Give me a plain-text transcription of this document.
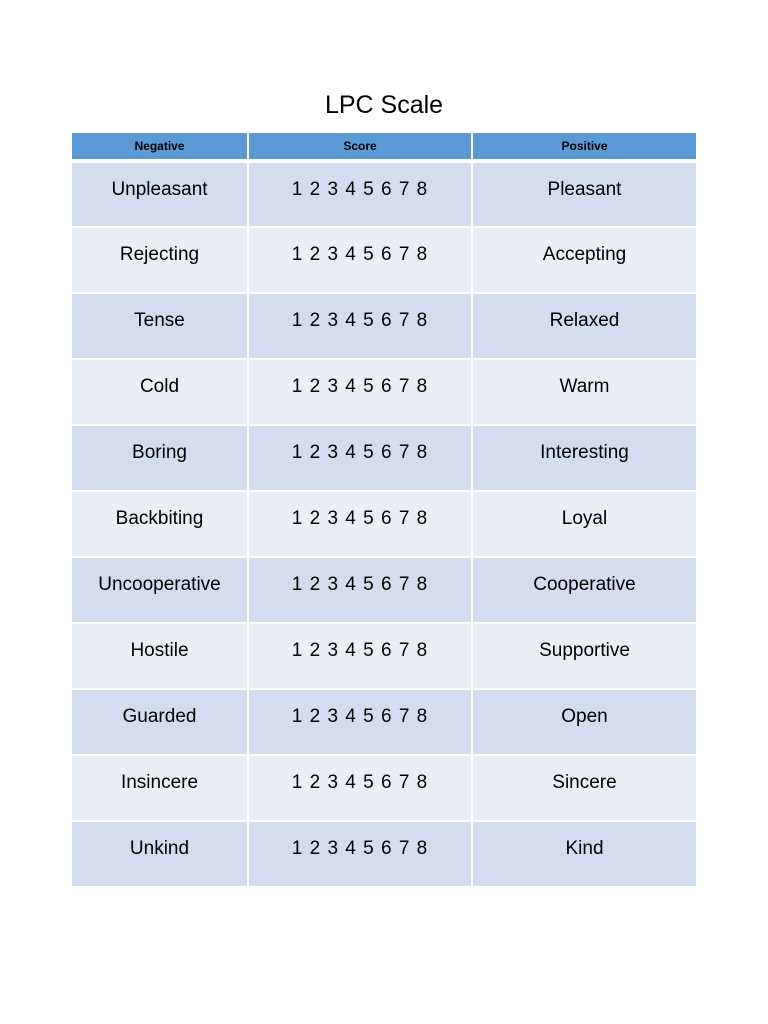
LPC Scale
Negative	Score	Positive
Unpleasant	1 2 3 4 5 6 7 8	Pleasant
Rejecting	1 2 3 4 5 6 7 8	Accepting
Tense	1 2 3 4 5 6 7 8	Relaxed
Cold	1 2 3 4 5 6 7 8	Warm
Boring	1 2 3 4 5 6 7 8	Interesting
Backbiting	1 2 3 4 5 6 7 8	Loyal
Uncooperative	1 2 3 4 5 6 7 8	Cooperative
Hostile	1 2 3 4 5 6 7 8	Supportive
Guarded	1 2 3 4 5 6 7 8	Open
Insincere	1 2 3 4 5 6 7 8	Sincere
Unkind	1 2 3 4 5 6 7 8	Kind
